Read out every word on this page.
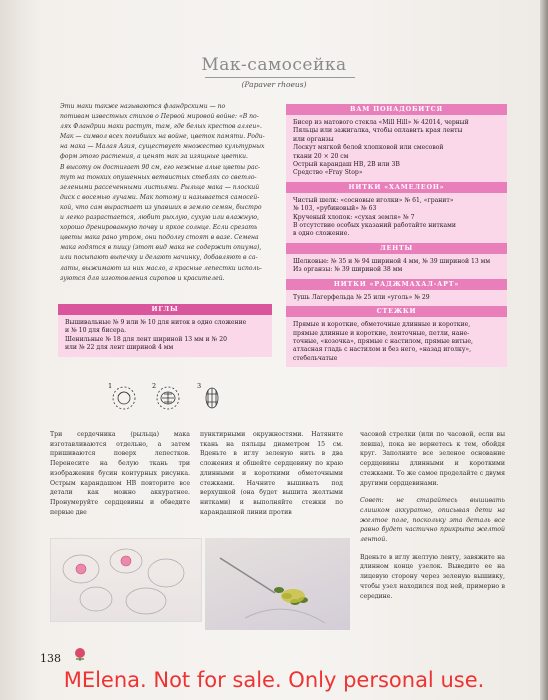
Мак-самосейка
(Papaver rhoeus)

Эти маки также называются фландрскими — по

потивам известных стихов о Первой мировой войне: «В по-

лях Фландрии маки растут, там, где белых крестов аллеи».

Мак — символ всех погибших на войне, цветок памяти. Роди-

на мака — Малая Азия, существует множество культурных

форм этого растения, а ценят мак за изящные цветки.

В высоту он достигает 90 см, его нежные алые цветы рас-

тут на тонких опушенных ветвистых стеблях со светло-

зелеными рассеченными листьями. Рыльце мака — плоский

диск с восемью лучами. Мак потому и называется самосей-

кой, что сам вырастает из упавших в землю семян, быстро

и легко разрастается, любит рыхлую, сухую или влажную,

хорошо дренированную почву и яркое солнце. Если срезать

цветы мака рано утром, они подолгу стоят в вазе. Семена

мака годятся в пищу (этот вид мака не содержит опиума),

или посыпают выпечку и делают начинку, добавляют в са-

латы, выжимают из них масло, а красные лепестки исполь-

зуются для изготовления сиропов и красителей.

ВАМ ПОНАДОБИТСЯ
Бисер из матового стекла «Mill Hill» № 42014, черный
Пяльцы или зажигалка, чтобы оплавить края ленты
или органзы
Лоскут мягкой белой хлопковой или смесовой
ткани 20 × 20 см
Острый карандаш НВ, 2В или 3В
Средство «Fray Stop»
НИТКИ «ХАМЕЛЕОН»
Чистый шелк: «сосновые иголки» № 61, «гранит»
№ 103, «рубиновый» № 63
Крученый хлопок: «сухая земля» № 7
В отсутствие особых указаний работайте нитками
в одно сложение.
ЛЕНТЫ
Шелковые: № 35 и № 94 шириной 4 мм, № 39 шириной 13 мм
Из органзы: № 39 шириной 38 мм
НИТКИ «РАДЖМАХАЛ-АРТ»
Тушь Лагерфельда № 25 или «уголь» № 29
СТЕЖКИ
Прямые и короткие, обметочные длинные и короткие,
прямые длинные и короткие, ленточные, петли, нане-
точные, «козочка», прямые с настилом, прямые витые,
атласная гладь с настилом и без него, «назад иголку»,
стебельчатые
ИГЛЫ
Вышивальные № 9 или № 10 для ниток в одно сложение
и № 10 для бисера.
Шенильные № 18 для лент шириной 13 мм и № 20
или № 22 для лент шириной 4 мм
1	2	3
Три сердечника (рыльца) мака изготавливаются отдельно, а затем пришиваются поверх лепестков. Перенесите на белую ткань три изображения бусин контурных рисунка. Острым карандашом НВ повторите все детали как можно аккуратнее. Пронумеруйте сердцевины и обведите первые две
пунктирными окружностями. Натяните ткань на пяльцы диаметром 15 см. Вденьте в иглу зеленую нить в два сложения и обшейте сердцевину по краю длинными и короткими обметочными стежками. Начните вышивать под верхушкой (она будет вышита желтыми нитками) и выполняйте стежки по карандашной линии против

часовой стрелки (или по часовой, если вы левша), пока не вернетесь к тем, обойдя круг. Заполните все зеленое основание сердцевины длинными и короткими стежками. То же самое проделайте с двумя другими сердцевинами.

Совет: не старайтесь вышивать слишком аккуратно, описывая дети на желтое поле, поскольку эта деталь все равно будет частично прикрыта желтой лентой.

Вденьте в иглу желтую ленту, завяжите на длинном конце узелок. Выведите ее на лицевую сторону через зеленую вышивку, чтобы узел находился под ней, примерно в середине.

138
MElena. Not for sale. Only personal use.
